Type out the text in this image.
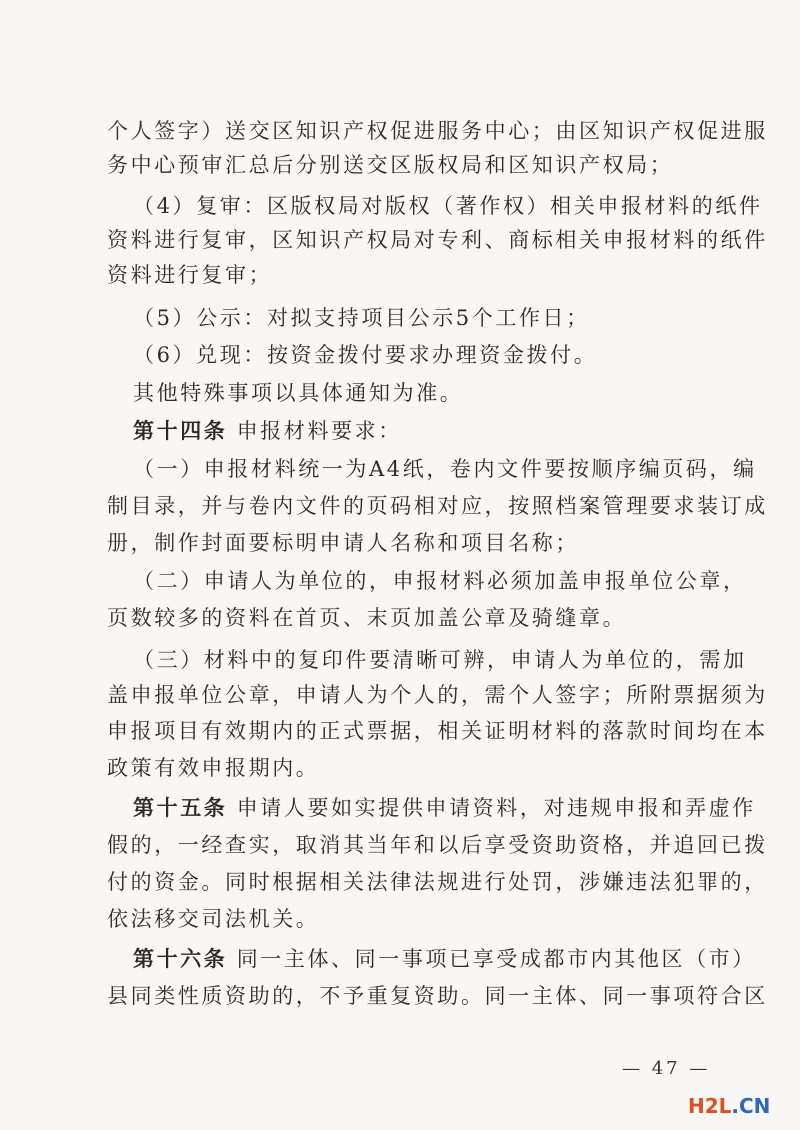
个人签字）送交区知识产权促进服务中心；由区知识产权促进服
务中心预审汇总后分别送交区版权局和区知识产权局；
（4）复审：区版权局对版权（著作权）相关申报材料的纸件
资料进行复审，区知识产权局对专利、商标相关申报材料的纸件
资料进行复审；
（5）公示：对拟支持项目公示5个工作日；
（6）兑现：按资金拨付要求办理资金拨付。
其他特殊事项以具体通知为准。
第十四条 申报材料要求：
（一）申报材料统一为A4纸，卷内文件要按顺序编页码，编
制目录，并与卷内文件的页码相对应，按照档案管理要求装订成
册，制作封面要标明申请人名称和项目名称；
（二）申请人为单位的，申报材料必须加盖申报单位公章，
页数较多的资料在首页、末页加盖公章及骑缝章。
（三）材料中的复印件要清晰可辨，申请人为单位的，需加
盖申报单位公章，申请人为个人的，需个人签字；所附票据须为
申报项目有效期内的正式票据，相关证明材料的落款时间均在本
政策有效申报期内。
第十五条 申请人要如实提供申请资料，对违规申报和弄虚作
假的，一经查实，取消其当年和以后享受资助资格，并追回已拨
付的资金。同时根据相关法律法规进行处罚，涉嫌违法犯罪的，
依法移交司法机关。
第十六条 同一主体、同一事项已享受成都市内其他区（市）
县同类性质资助的，不予重复资助。同一主体、同一事项符合区
— 47 —
H2L.CN
